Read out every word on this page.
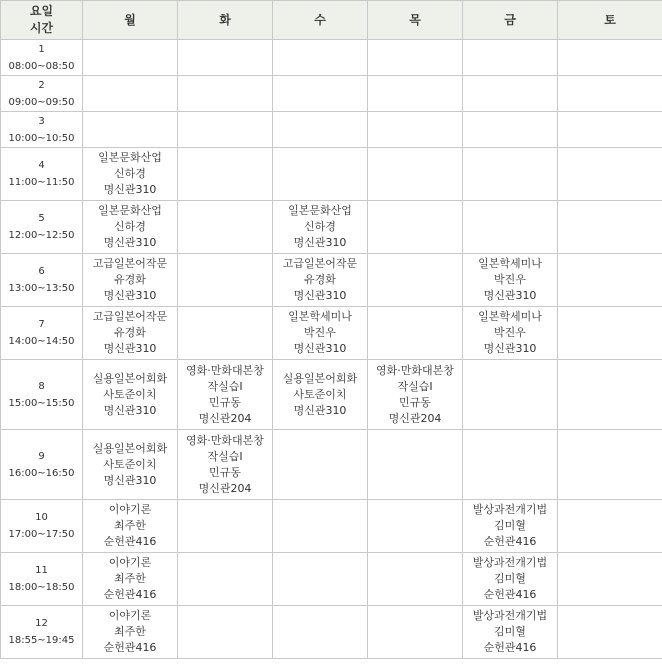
요일
시간	월	화	수	목	금	토

1
08:00~08:50						

2
09:00~09:50						

3
10:00~10:50						

4
11:00~11:50	일본문화산업
신하경
명신관310					

5
12:00~12:50	일본문화산업
신하경
명신관310		일본문화산업
신하경
명신관310			

6
13:00~13:50	고급일본어작문
유경화
명신관310		고급일본어작문
유경화
명신관310		일본학세미나
박진우
명신관310	

7
14:00~14:50	고급일본어작문
유경화
명신관310		일본학세미나
박진우
명신관310		일본학세미나
박진우
명신관310	

8
15:00~15:50	실용일본어회화
사토준이치
명신관310	영화·만화대본창
작실습I
민규동
명신관204	실용일본어회화
사토준이치
명신관310	영화·만화대본창
작실습I
민규동
명신관204		

9
16:00~16:50	실용일본어회화
사토준이치
명신관310	영화·만화대본창
작실습I
민규동
명신관204				

10
17:00~17:50	이야기론
최주한
순헌관416				발상과전개기법
김미혈
순헌관416	

11
18:00~18:50	이야기론
최주한
순헌관416				발상과전개기법
김미혈
순헌관416	

12
18:55~19:45	이야기론
최주한
순헌관416				발상과전개기법
김미혈
순헌관416	
